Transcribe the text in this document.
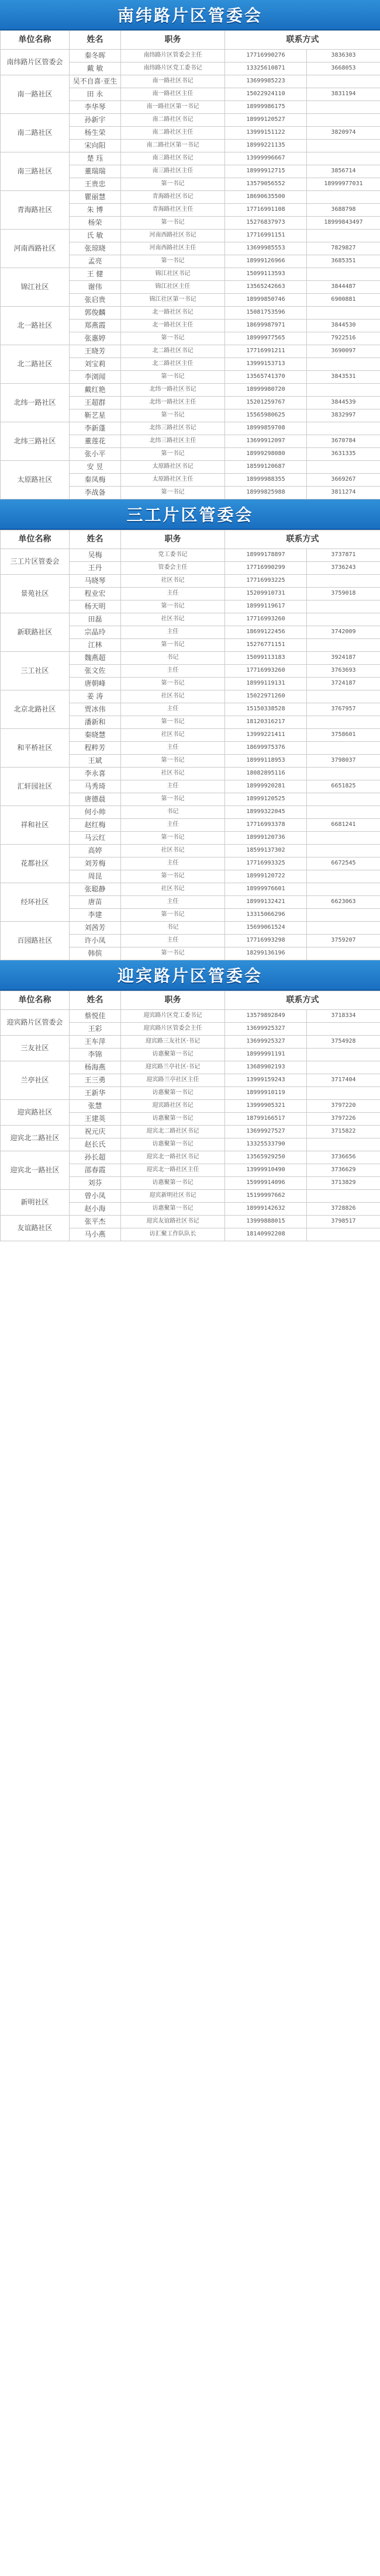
南纬路片区管委会
单位名称	姓名	职务	联系方式	
南纬路片区管委会	秦冬晖	南纬路片区管委会主任	17716990276	3836303
	戴 敏	南纬路片区党工委书记	13325610871	3668053
南一路社区	吴不自喜·亚生	南一路社区书记	13699985223	
	田 永	南一路社区主任	15022924110	3831194
	李华琴	南一路社区第一书记	18999986175	
南二路社区	孙新宇	南二路社区书记	18999120527	
	杨生荣	南二路社区主任	13999151122	3820974
	宋向阳	南二路社区第一书记	18999221135	
南三路社区	楚 珏	南三路社区书记	13999996667	
	董瑞瑞	南三路社区主任	18999912715	3856714
	王贵忠	第一书记	13579056552	18999977031
青海路社区	瞿丽慧	青海路社区书记	18690635500	
	朱 博	青海路社区主任	17716991108	3688798
	杨荣	第一书记	15276837973	18999843497
河南西路社区	氏 敏	河南西路社区书记	17716991151	
	张琼晓	河南西路社区主任	13699985553	7829827
	孟亮	第一书记	18999126966	3685351
锦江社区	王 健	锦江社区书记	15099113593	
	谢伟	锦江社区主任	13565242663	3844487
	张启贵	锦江社区第一书记	18999850746	6900881
北一路社区	郭俊麟	北一路社区书记	15081753596	
	郑燕霞	北一路社区主任	18699987971	3844530
	张惠婷	第一书记	18999977565	7922516
北二路社区	王晓芳	北二路社区书记	17716991211	3690097
	刘宝莉	北二路社区主任	13999153713	
	李浏闻	第一书记	13565741370	3843531
北纬一路社区	戴红艳	北纬一路社区书记	18999980720	
	王超群	北纬一路社区主任	15201259767	3844539
	靳艺星	第一书记	15565980625	3832997
北纬三路社区	李新蓬	北纬三路社区书记	18999859708	
	董莲花	北纬三路社区主任	13699912097	3670784
	张小平	第一书记	18999298080	3631335
太原路社区	安 昱	太原路社区书记	18599120687	
	秦凤梅	太原路社区主任	18999988355	3669267
	李战备	第一书记	18999825988	3811274
三工片区管委会
单位名称	姓名	职务	联系方式	
三工片区管委会	吴梅	党工委书记	18999178897	3737871
	王丹	管委会主任	17716990299	3736243
景苑社区	马晓琴	社区书记	17716993225	
	程业宏	主任	15209910731	3759018
	杨天明	第一书记	18999119617	
新联路社区	田磊	社区书记	17716993260	
	宗晶玲	主任	18699122456	3742009
	江林	第一书记	15276771151	
三工社区	魏燕超	书记	15099113183	3924187
	张文佐	主任	17716993260	3763693
	唐朝峰	第一书记	18999119131	3724187
北京北路社区	姜 涛	社区书记	15022971260	
	贾冰伟	主任	15150338528	3767957
	潘新和	第一书记	18120316217	
和平桥社区	秦晓慧	社区书记	13999221411	3758601
	程粹芳	主任	18699975376	
	王斌	第一书记	18999118953	3798037
汇轩园社区	李永喜	社区书记	18082895116	
	马秀琦	主任	18999920281	6651825
	唐德晨	第一书记	18999120525	
祥和社区	何小帅	书记	18999322045	
	赵红梅	主任	17716993378	6681241
	马云红	第一书记	18999120736	
花都社区	高婷	社区书记	18599137302	
	刘芳梅	主任	17716993325	6672545
	周昆	第一书记	18999120722	
经环社区	张聪静	社区书记	18999976601	
	唐苗	主任	18999132421	6623063
	李建	第一书记	13315066296	
百园路社区	刘茜芳	书记	15699061524	
	许小凤	主任	17716993298	3759207
	韩傧	第一书记	18299136196	
迎宾路片区管委会
单位名称	姓名	职务	联系方式	
迎宾路片区管委会	蔡悦佳	迎宾路片区党工委书记	13579892849	3718334
	王彩	迎宾路片区管委会主任	13699925327	
三友社区	王车萍	迎宾路三友社区·书记	13699925327	3754928
	李锦	访惠聚第一书记	18999991191	
兰亭社区	杨海燕	迎宾路兰亭社区·书记	13689902193	
	王三勇	迎宾路兰亭社区主任	13999159243	3717404
	王新华	访惠聚第一书记	18999910119	
迎宾路社区	张慧	迎宾路社区书记	13999905321	3797220
	王建英	访惠聚第一书记	18799166517	3797226
迎宾北二路社区	祝元庆	迎宾北二路社区书记	13699927527	3715822
	赵长氏	访惠聚第一书记	13325533790	
迎宾北一路社区	孙长超	迎宾北一路社区书记	13565929250	3736656
	邵春霞	迎宾北一路社区主任	13999910490	3736629
	刘芬	访惠聚第一书记	15999914096	3713829
新明社区	曾小凤	迎宾新明社区书记	15199997662	
	赵小海	访惠聚第一书记	18999142632	3728826
友谊路社区	张平杰	迎宾友谊路社区书记	13999888015	3798517
	马小燕	访汇聚工作队队长	18140992208	
